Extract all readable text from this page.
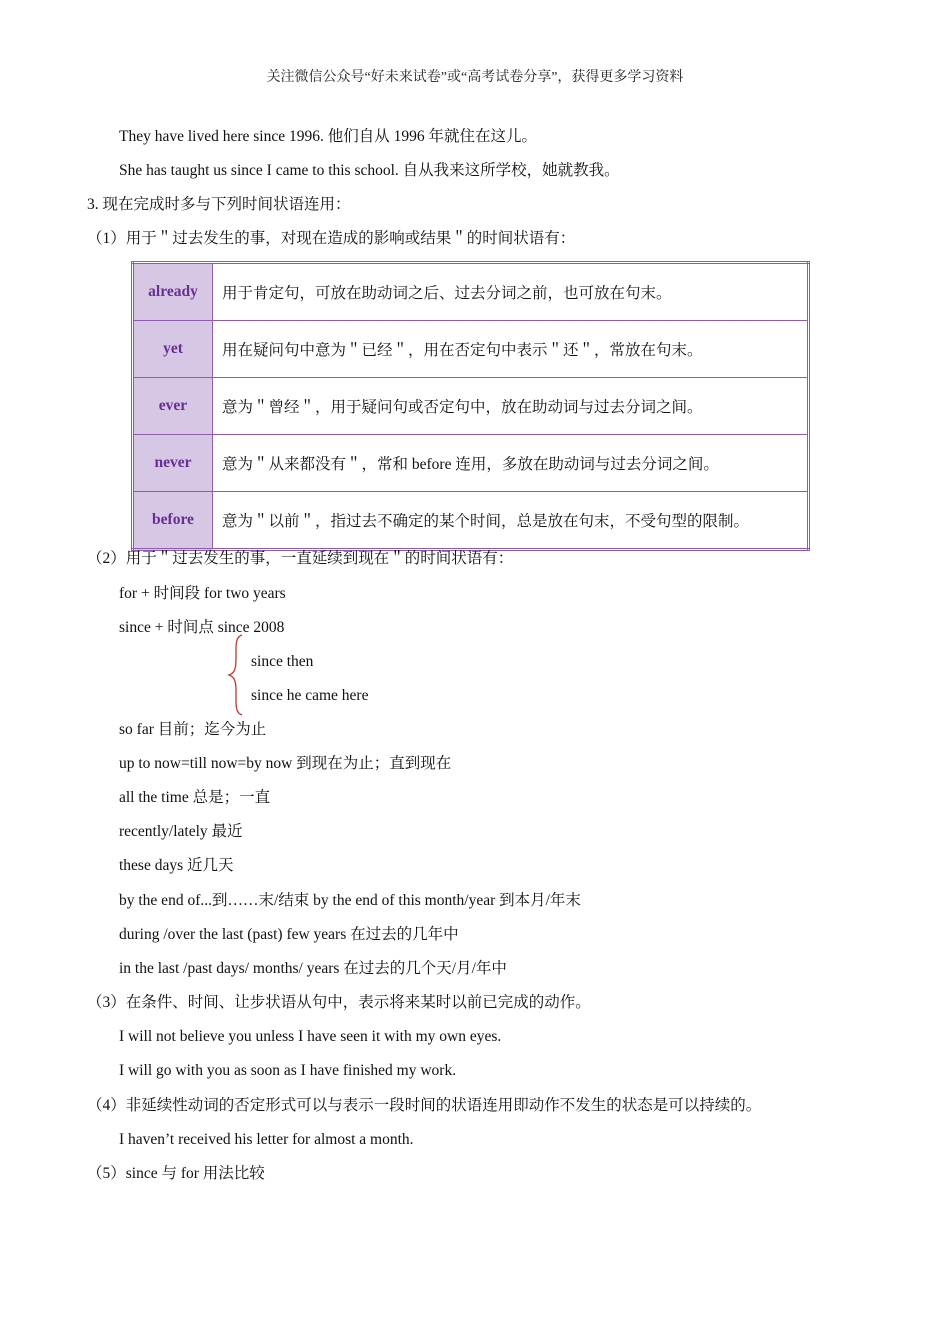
关注微信公众号“好未来试卷”或“高考试卷分享”，获得更多学习资料
They have lived here since 1996. 他们自从 1996 年就住在这儿。
She has taught us since I came to this school. 自从我来这所学校，她就教我。
3. 现在完成时多与下列时间状语连用：
（1）用于＂过去发生的事，对现在造成的影响或结果＂的时间状语有：
already	用于肯定句，可放在助动词之后、过去分词之前，也可放在句末。
yet	用在疑问句中意为＂已经＂，用在否定句中表示＂还＂，常放在句末。
ever	意为＂曾经＂，用于疑问句或否定句中，放在助动词与过去分词之间。
never	意为＂从来都没有＂，常和 before 连用，多放在助动词与过去分词之间。
before	意为＂以前＂，指过去不确定的某个时间，总是放在句末，不受句型的限制。
（2）用于＂过去发生的事，一直延续到现在＂的时间状语有：
for + 时间段 for two years
since + 时间点 since 2008
since then
since he came here
so far 目前；迄今为止
up to now=till now=by now 到现在为止；直到现在
all the time 总是；一直
recently/lately 最近
these days 近几天
by the end of...到……末/结束 by the end of this month/year 到本月/年末
during /over the last (past) few years 在过去的几年中
in the last /past days/ months/ years 在过去的几个天/月/年中
（3）在条件、时间、让步状语从句中，表示将来某时以前已完成的动作。
I will not believe you unless I have seen it with my own eyes.
I will go with you as soon as I have finished my work.
（4）非延续性动词的否定形式可以与表示一段时间的状语连用即动作不发生的状态是可以持续的。
I haven’t received his letter for almost a month.
（5）since 与 for 用法比较
